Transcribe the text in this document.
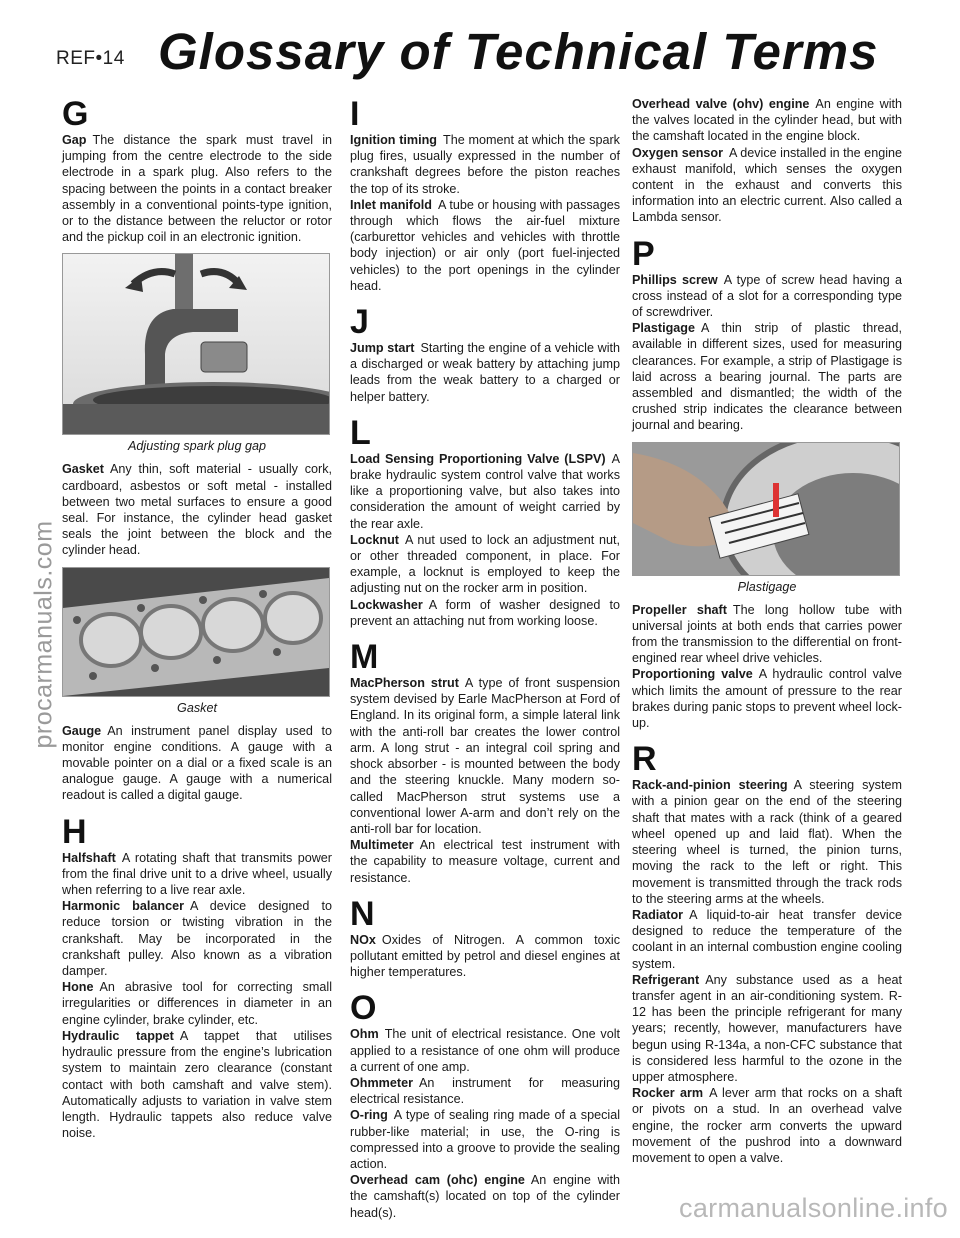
REF•14 Glossary of Technical Terms
G

Gap The distance the spark must travel in jumping from the centre electrode to the side electrode in a spark plug. Also refers to the spacing between the points in a contact breaker assembly in a conventional points-type ignition, or to the distance between the reluctor or rotor and the pickup coil in an electronic ignition.

Adjusting spark plug gap

Gasket Any thin, soft material - usually cork, cardboard, asbestos or soft metal - installed between two metal surfaces to ensure a good seal. For instance, the cylinder head gasket seals the joint between the block and the cylinder head.

Gasket

Gauge An instrument panel display used to monitor engine conditions. A gauge with a movable pointer on a dial or a fixed scale is an analogue gauge. A gauge with a numerical readout is called a digital gauge.

H

Halfshaft A rotating shaft that transmits power from the final drive unit to a drive wheel, usually when referring to a live rear axle.

Harmonic balancer A device designed to reduce torsion or twisting vibration in the crankshaft. May be incorporated in the crankshaft pulley. Also known as a vibration damper.

Hone An abrasive tool for correcting small irregularities or differences in diameter in an engine cylinder, brake cylinder, etc.

Hydraulic tappet A tappet that utilises hydraulic pressure from the engine’s lubrication system to maintain zero clearance (constant contact with both camshaft and valve stem). Automatically adjusts to variation in valve stem length. Hydraulic tappets also reduce valve noise.

I

Ignition timing The moment at which the spark plug fires, usually expressed in the number of crankshaft degrees before the piston reaches the top of its stroke.

Inlet manifold A tube or housing with passages through which flows the air-fuel mixture (carburettor vehicles and vehicles with throttle body injection) or air only (port fuel-injected vehicles) to the port openings in the cylinder head.

J

Jump start Starting the engine of a vehicle with a discharged or weak battery by attaching jump leads from the weak battery to a charged or helper battery.

L

Load Sensing Proportioning Valve (LSPV) A brake hydraulic system control valve that works like a proportioning valve, but also takes into consideration the amount of weight carried by the rear axle.

Locknut A nut used to lock an adjustment nut, or other threaded component, in place. For example, a locknut is employed to keep the adjusting nut on the rocker arm in position.

Lockwasher A form of washer designed to prevent an attaching nut from working loose.

M

MacPherson strut A type of front suspension system devised by Earle MacPherson at Ford of England. In its original form, a simple lateral link with the anti-roll bar creates the lower control arm. A long strut - an integral coil spring and shock absorber - is mounted between the body and the steering knuckle. Many modern so-called MacPherson strut systems use a conventional lower A-arm and don’t rely on the anti-roll bar for location.

Multimeter An electrical test instrument with the capability to measure voltage, current and resistance.

N

NOx Oxides of Nitrogen. A common toxic pollutant emitted by petrol and diesel engines at higher temperatures.

O

Ohm The unit of electrical resistance. One volt applied to a resistance of one ohm will produce a current of one amp.

Ohmmeter An instrument for measuring electrical resistance.

O-ring A type of sealing ring made of a special rubber-like material; in use, the O-ring is compressed into a groove to provide the sealing action.

Overhead cam (ohc) engine An engine with the camshaft(s) located on top of the cylinder head(s).

Overhead valve (ohv) engine An engine with the valves located in the cylinder head, but with the camshaft located in the engine block.

Oxygen sensor A device installed in the engine exhaust manifold, which senses the oxygen content in the exhaust and converts this information into an electric current. Also called a Lambda sensor.

P

Phillips screw A type of screw head having a cross instead of a slot for a corresponding type of screwdriver.

Plastigage A thin strip of plastic thread, available in different sizes, used for measuring clearances. For example, a strip of Plastigage is laid across a bearing journal. The parts are assembled and dismantled; the width of the crushed strip indicates the clearance between journal and bearing.

Plastigage

Propeller shaft The long hollow tube with universal joints at both ends that carries power from the transmission to the differential on front-engined rear wheel drive vehicles.

Proportioning valve A hydraulic control valve which limits the amount of pressure to the rear brakes during panic stops to prevent wheel lock-up.

R

Rack-and-pinion steering A steering system with a pinion gear on the end of the steering shaft that mates with a rack (think of a geared wheel opened up and laid flat). When the steering wheel is turned, the pinion turns, moving the rack to the left or right. This movement is transmitted through the track rods to the steering arms at the wheels.

Radiator A liquid-to-air heat transfer device designed to reduce the temperature of the coolant in an internal combustion engine cooling system.

Refrigerant Any substance used as a heat transfer agent in an air-conditioning system. R-12 has been the principle refrigerant for many years; recently, however, manufacturers have begun using R-134a, a non-CFC substance that is considered less harmful to the ozone in the upper atmosphere.

Rocker arm A lever arm that rocks on a shaft or pivots on a stud. In an overhead valve engine, the rocker arm converts the upward movement of the pushrod into a downward movement to open a valve.

procarmanuals.com
carmanualsonline.info
